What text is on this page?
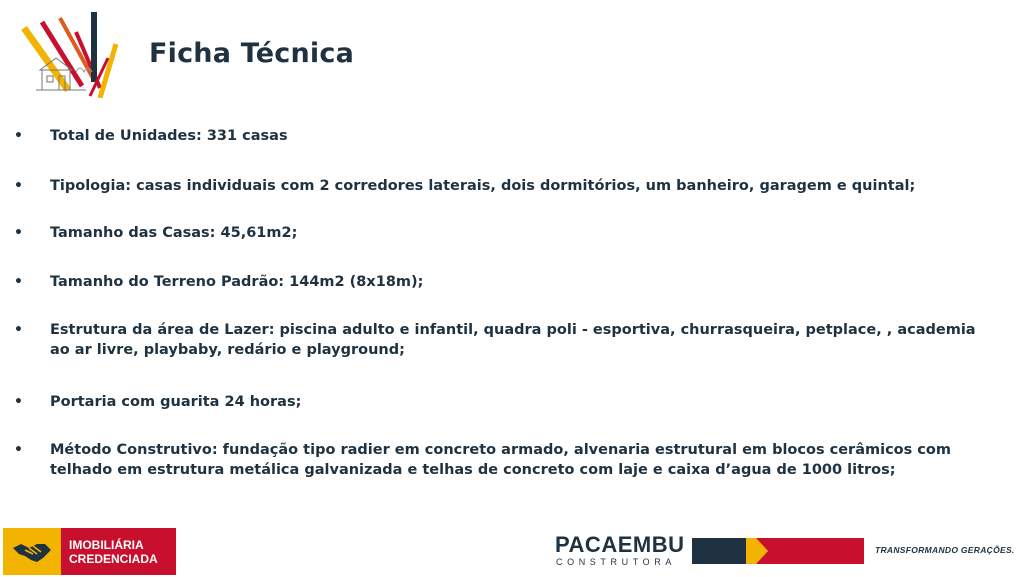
Ficha Técnica
• Total de Unidades: 331 casas
• Tipologia: casas individuais com 2 corredores laterais, dois dormitórios, um banheiro, garagem e quintal;
• Tamanho das Casas: 45,61m2;
• Tamanho do Terreno Padrão: 144m2 (8x18m);
• Estrutura da área de Lazer: piscina adulto e infantil, quadra poli - esportiva, churrasqueira, petplace, , academia ao ar livre, playbaby, redário e playground;
• Portaria com guarita 24 horas;
• Método Construtivo: fundação tipo radier em concreto armado, alvenaria estrutural em blocos cerâmicos com telhado em estrutura metálica galvanizada e telhas de concreto com laje e caixa d’agua de 1000 litros;
IMOBILIÁRIA
CREDENCIADA
PACAEMBU
CONSTRUTORA
TRANSFORMANDO GERAÇÕES.
